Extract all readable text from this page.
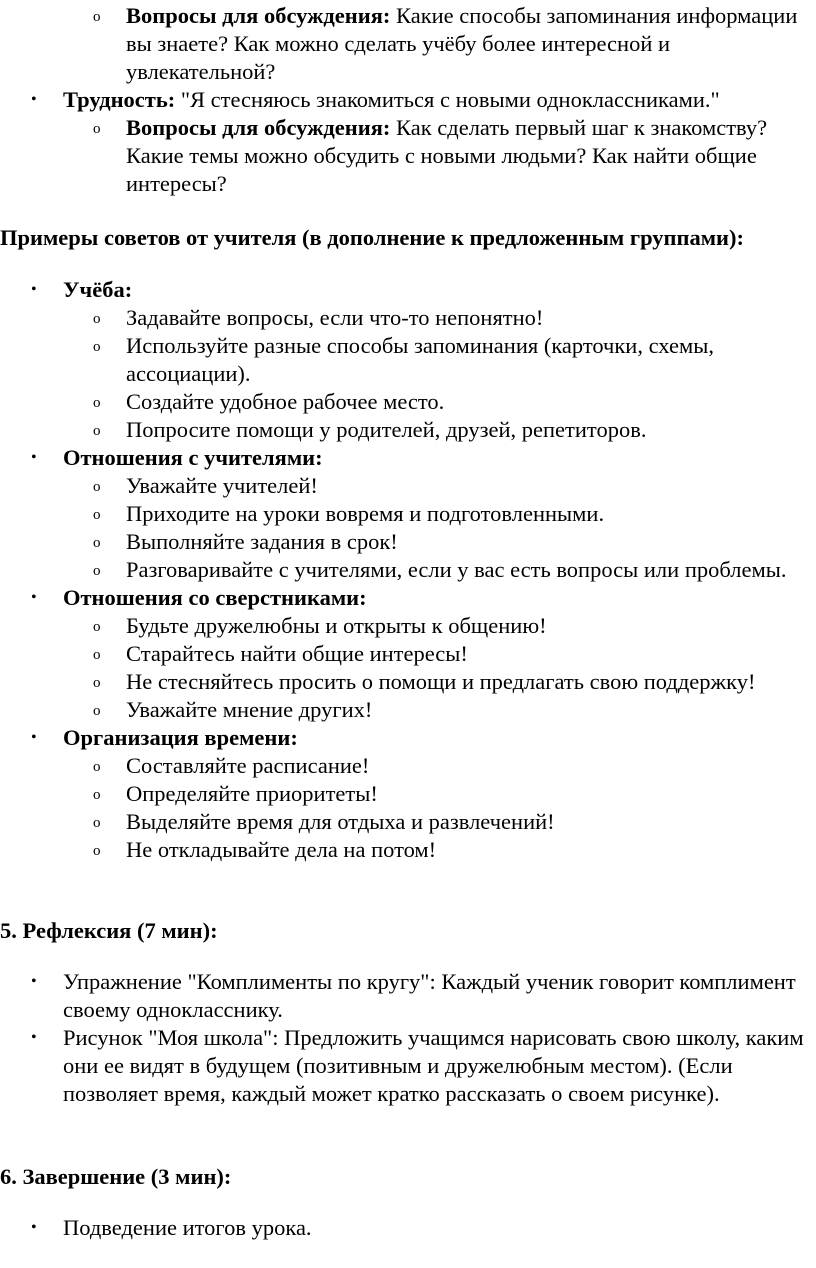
o Вопросы для обсуждения: Какие способы запоминания информации вы знаете? Как можно сделать учёбу более интересной и увлекательной?
• Трудность: "Я стесняюсь знакомиться с новыми одноклассниками."
o Вопросы для обсуждения: Как сделать первый шаг к знакомству? Какие темы можно обсудить с новыми людьми? Как найти общие интересы?
Примеры советов от учителя (в дополнение к предложенным группами):
• Учёба:
o Задавайте вопросы, если что-то непонятно!
o Используйте разные способы запоминания (карточки, схемы, ассоциации).
o Создайте удобное рабочее место.
o Попросите помощи у родителей, друзей, репетиторов.
• Отношения с учителями:
o Уважайте учителей!
o Приходите на уроки вовремя и подготовленными.
o Выполняйте задания в срок!
o Разговаривайте с учителями, если у вас есть вопросы или проблемы.
• Отношения со сверстниками:
o Будьте дружелюбны и открыты к общению!
o Старайтесь найти общие интересы!
o Не стесняйтесь просить о помощи и предлагать свою поддержку!
o Уважайте мнение других!
• Организация времени:
o Составляйте расписание!
o Определяйте приоритеты!
o Выделяйте время для отдыха и развлечений!
o Не откладывайте дела на потом!
5. Рефлексия (7 мин):
• Упражнение "Комплименты по кругу": Каждый ученик говорит комплимент своему однокласснику.
• Рисунок "Моя школа": Предложить учащимся нарисовать свою школу, каким они ее видят в будущем (позитивным и дружелюбным местом). (Если позволяет время, каждый может кратко рассказать о своем рисунке).
6. Завершение (3 мин):
• Подведение итогов урока.
